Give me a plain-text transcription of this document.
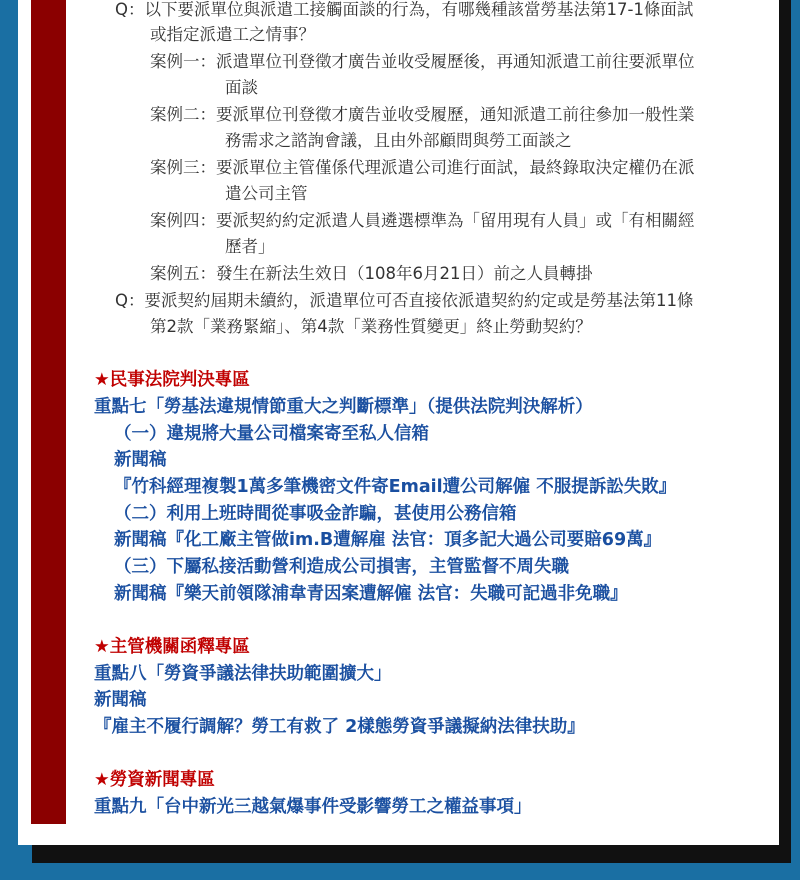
Q：以下要派單位與派遣工接觸面談的行為，有哪幾種該當勞基法第17-1條面試
或指定派遣工之情事？
案例一：派遣單位刊登徵才廣告並收受履歷後，再通知派遣工前往要派單位
面談
案例二：要派單位刊登徵才廣告並收受履歷，通知派遣工前往參加一般性業
務需求之諮詢會議，且由外部顧問與勞工面談之
案例三：要派單位主管僅係代理派遣公司進行面試，最終錄取決定權仍在派
遣公司主管
案例四：要派契約約定派遣人員遴選標準為「留用現有人員」或「有相關經
歷者」
案例五：發生在新法生效日（108年6月21日）前之人員轉掛
Q：要派契約屆期未續約，派遣單位可否直接依派遣契約約定或是勞基法第11條
第2款「業務緊縮」、第4款「業務性質變更」終止勞動契約？
★民事法院判決專區
重點七「勞基法違規情節重大之判斷標準」（提供法院判決解析）
（一）違規將大量公司檔案寄至私人信箱
新聞稿
『竹科經理複製1萬多筆機密文件寄Email遭公司解僱 不服提訴訟失敗』
（二）利用上班時間從事吸金詐騙，甚使用公務信箱
新聞稿『化工廠主管做im.B遭解雇 法官：頂多記大過公司要賠69萬』
（三）下屬私接活動營利造成公司損害，主管監督不周失職
新聞稿『樂天前領隊浦韋青因案遭解僱 法官：失職可記過非免職』
★主管機關函釋專區
重點八「勞資爭議法律扶助範圍擴大」
新聞稿
『雇主不履行調解？勞工有救了 2樣態勞資爭議擬納法律扶助』
★勞資新聞專區
重點九「台中新光三越氣爆事件受影響勞工之權益事項」
